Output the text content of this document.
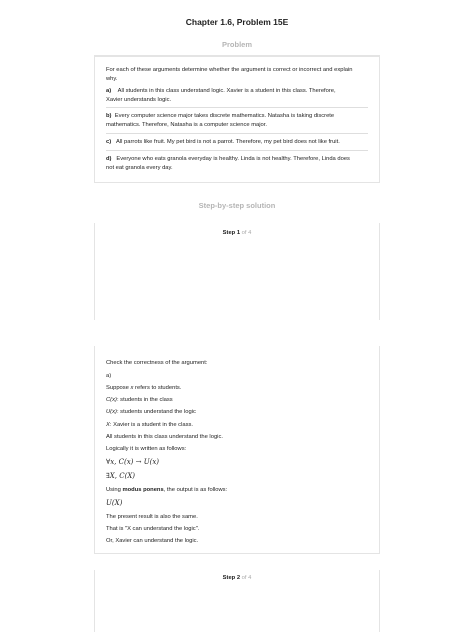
Chapter 1.6, Problem 15E
Problem
For each of these arguments determine whether the argument is correct or incorrect and explain
why.
a) All students in this class understand logic. Xavier is a student in this class. Therefore,
Xavier understands logic.
b) Every computer science major takes discrete mathematics. Natasha is taking discrete
mathematics. Therefore, Natasha is a computer science major.
c) All parrots like fruit. My pet bird is not a parrot. Therefore, my pet bird does not like fruit.
d) Everyone who eats granola everyday is healthy. Linda is not healthy. Therefore, Linda does
not eat granola every day.
Step-by-step solution
Step 1 of 4
Check the correctness of the argument:
a)
Suppose x refers to students.
C(x): students in the class
U(x): students understand the logic
X: Xavier is a student in the class.
All students in this class understand the logic.
Logically it is written as follows:
∀x, C(x) → U(x)
∃X, C(X)
Using modus ponens, the output is as follows:
U(X)
The present result is also the same.
That is "X can understand the logic".
Or, Xavier can understand the logic.
Step 2 of 4
